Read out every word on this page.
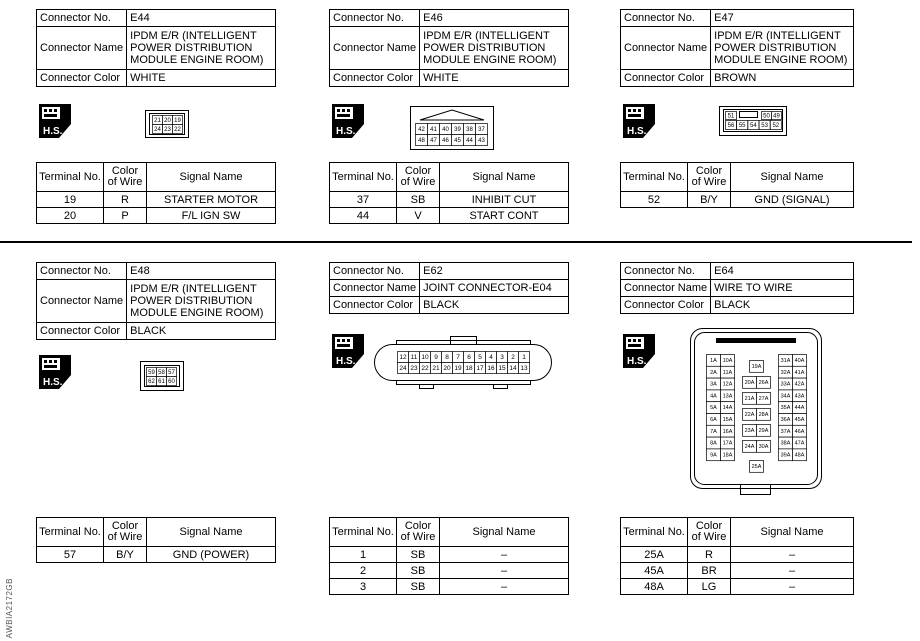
AWBIA2172GB
Connector No.	E44
Connector Name	IPDM E/R (INTELLIGENT POWER DISTRIBUTION MODULE ENGINE ROOM)
Connector Color	WHITE
21 20 19
24 23 22
Terminal No.	Color of Wire	Signal Name
19	R	STARTER MOTOR
20	P	F/L IGN SW
Connector No.	E46
Connector Name	IPDM E/R (INTELLIGENT POWER DISTRIBUTION MODULE ENGINE ROOM)
Connector Color	WHITE
42 41 40 39 38 37
48 47 46 45 44 43
Terminal No.	Color of Wire	Signal Name
37	SB	INHIBIT CUT
44	V	START CONT
Connector No.	E47
Connector Name	IPDM E/R (INTELLIGENT POWER DISTRIBUTION MODULE ENGINE ROOM)
Connector Color	BROWN
51	50 49
56 55 54 53 52
Terminal No.	Color of Wire	Signal Name
52	B/Y	GND (SIGNAL)
Connector No.	E48
Connector Name	IPDM E/R (INTELLIGENT POWER DISTRIBUTION MODULE ENGINE ROOM)
Connector Color	BLACK
59 58 57
62 61 60
Terminal No.	Color of Wire	Signal Name
57	B/Y	GND (POWER)
Connector No.	E62
Connector Name	JOINT CONNECTOR-E04
Connector Color	BLACK
12 11 10 9 8 7 6 5 4 3 2 1
24 23 22 21 20 19 18 17 16 15 14 13
Terminal No.	Color of Wire	Signal Name
1	SB	–
2	SB	–
3	SB	–
Connector No.	E64
Connector Name	WIRE TO WIRE
Connector Color	BLACK
1A 10A
2A 11A
3A 12A
4A 13A
5A 14A
6A 15A
7A 16A
8A 17A
9A 18A
19A
20A
21A
22A
23A
24A
25A
26A
27A
28A
29A
30A
31A 40A
32A 41A
33A 42A
34A 43A
35A 44A
36A 45A
37A 46A
38A 47A
39A 48A
Terminal No.	Color of Wire	Signal Name
25A	R	–
45A	BR	–
48A	LG	–
